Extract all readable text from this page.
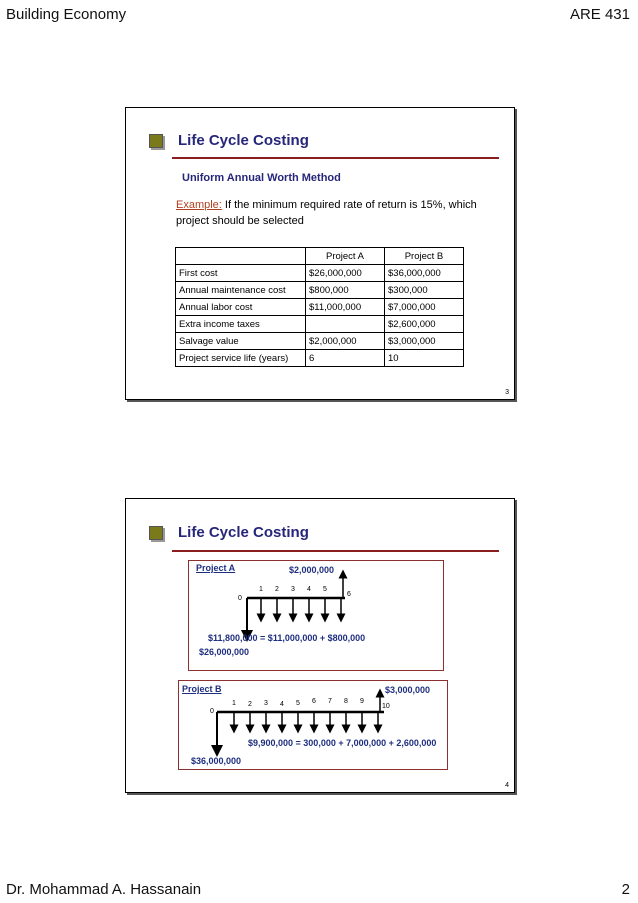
Building Economy	ARE 431
Life Cycle Costing
Uniform Annual Worth Method
Example: If the minimum required rate of return is 15%, which project should be selected
	Project A	Project B
First cost	$26,000,000	$36,000,000
Annual maintenance cost	$800,000	$300,000
Annual labor cost	$11,000,000	$7,000,000
Extra income taxes		$2,600,000
Salvage value	$2,000,000	$3,000,000
Project service life (years)	6	10
3
Life Cycle Costing
Project A	$2,000,000
0
1 2 3 4 5
6
$11,800,000 = $11,000,000 + $800,000
$26,000,000
Project B	$3,000,000
0
1 2 3 4 5 6 7 8 9
10
$9,900,000 = 300,000 + 7,000,000 + 2,600,000
$36,000,000
4
Dr. Mohammad A. Hassanain	2
